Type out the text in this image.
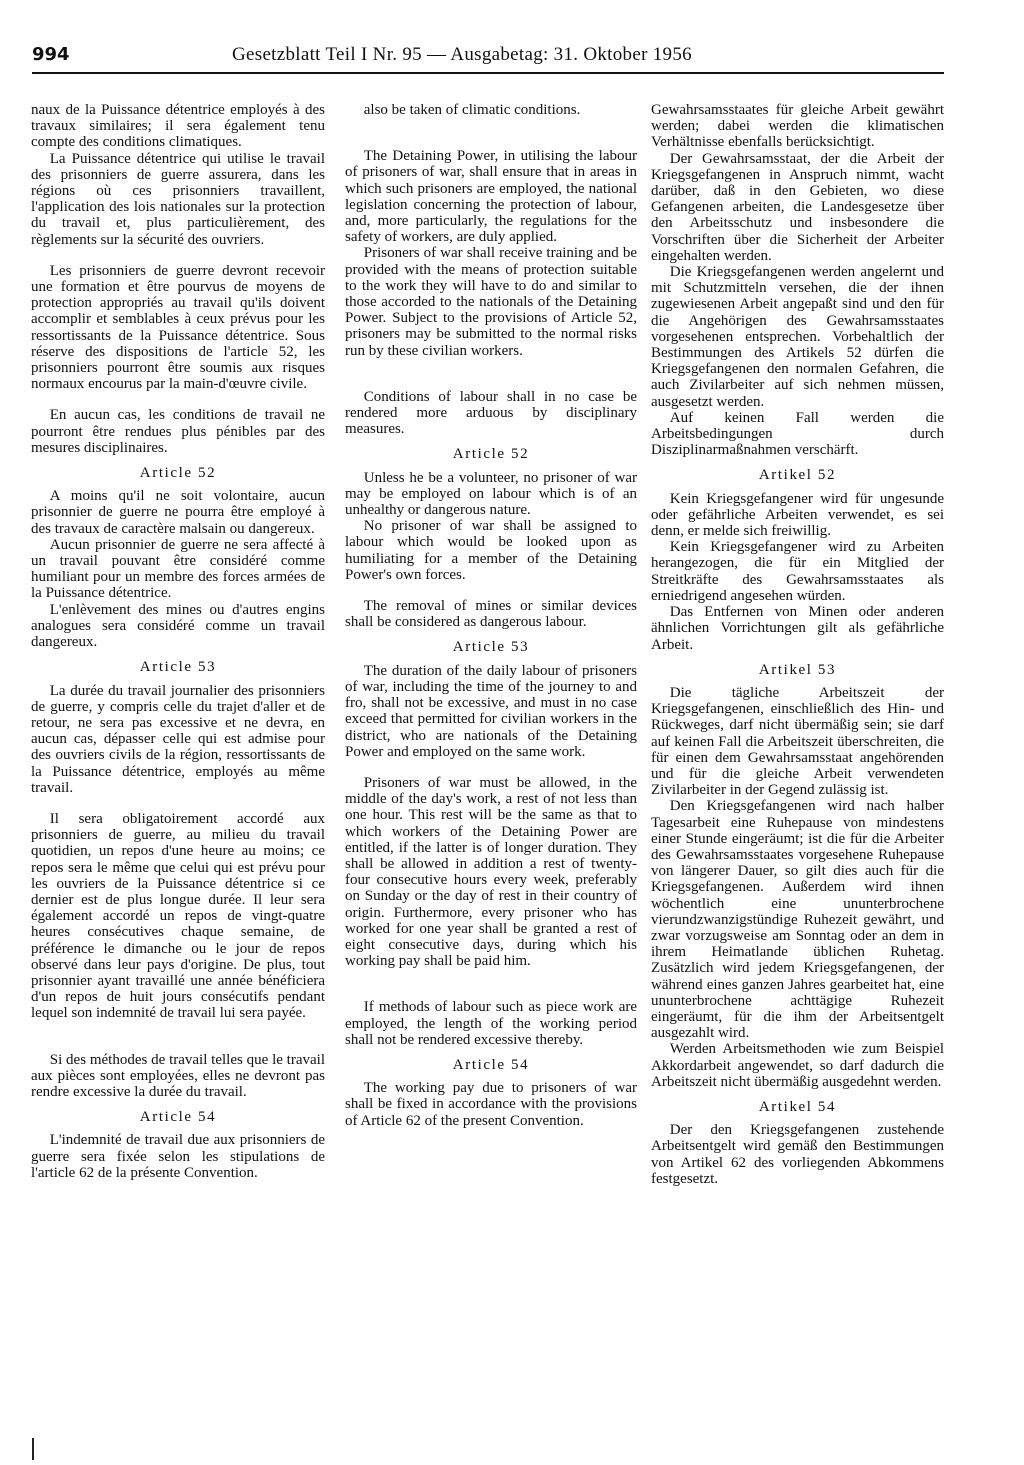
994	Gesetzblatt Teil I Nr. 95 — Ausgabetag: 31. Oktober 1956

naux de la Puissance détentrice employés à des travaux similaires; il sera également tenu compte des conditions climatiques.

La Puissance détentrice qui utilise le travail des prisonniers de guerre assurera, dans les régions où ces prisonniers travaillent, l'application des lois nationales sur la protection du travail et, plus particulièrement, des règlements sur la sécurité des ouvriers.

Les prisonniers de guerre devront recevoir une formation et être pourvus de moyens de protection appropriés au travail qu'ils doivent accomplir et semblables à ceux prévus pour les ressortissants de la Puissance détentrice. Sous réserve des dispositions de l'article 52, les prisonniers pourront être soumis aux risques normaux encourus par la main-d'œuvre civile.

En aucun cas, les conditions de travail ne pourront être rendues plus pénibles par des mesures disciplinaires.

Article 52

A moins qu'il ne soit volontaire, aucun prisonnier de guerre ne pourra être employé à des travaux de caractère malsain ou dangereux.

Aucun prisonnier de guerre ne sera affecté à un travail pouvant être considéré comme humiliant pour un membre des forces armées de la Puissance détentrice.

L'enlèvement des mines ou d'autres engins analogues sera considéré comme un travail dangereux.

Article 53

La durée du travail journalier des prisonniers de guerre, y compris celle du trajet d'aller et de retour, ne sera pas excessive et ne devra, en aucun cas, dépasser celle qui est admise pour des ouvriers civils de la région, ressortissants de la Puissance détentrice, employés au même travail.

Il sera obligatoirement accordé aux prisonniers de guerre, au milieu du travail quotidien, un repos d'une heure au moins; ce repos sera le même que celui qui est prévu pour les ouvriers de la Puissance détentrice si ce dernier est de plus longue durée. Il leur sera également accordé un repos de vingt-quatre heures consécutives chaque semaine, de préférence le dimanche ou le jour de repos observé dans leur pays d'origine. De plus, tout prisonnier ayant travaillé une année bénéficiera d'un repos de huit jours consécutifs pendant lequel son indemnité de travail lui sera payée.

Si des méthodes de travail telles que le travail aux pièces sont employées, elles ne devront pas rendre excessive la durée du travail.

Article 54

L'indemnité de travail due aux prisonniers de guerre sera fixée selon les stipulations de l'article 62 de la présente Convention.

also be taken of climatic conditions.

The Detaining Power, in utilising the labour of prisoners of war, shall ensure that in areas in which such prisoners are employed, the national legislation concerning the protection of labour, and, more particularly, the regulations for the safety of workers, are duly applied.

Prisoners of war shall receive training and be provided with the means of protection suitable to the work they will have to do and similar to those accorded to the nationals of the Detaining Power. Subject to the provisions of Article 52, prisoners may be submitted to the normal risks run by these civilian workers.

Conditions of labour shall in no case be rendered more arduous by disciplinary measures.

Article 52

Unless he be a volunteer, no prisoner of war may be employed on labour which is of an unhealthy or dangerous nature.

No prisoner of war shall be assigned to labour which would be looked upon as humiliating for a member of the Detaining Power's own forces.

The removal of mines or similar devices shall be considered as dangerous labour.

Article 53

The duration of the daily labour of prisoners of war, including the time of the journey to and fro, shall not be excessive, and must in no case exceed that permitted for civilian workers in the district, who are nationals of the Detaining Power and employed on the same work.

Prisoners of war must be allowed, in the middle of the day's work, a rest of not less than one hour. This rest will be the same as that to which workers of the Detaining Power are entitled, if the latter is of longer duration. They shall be allowed in addition a rest of twenty-four consecutive hours every week, preferably on Sunday or the day of rest in their country of origin. Furthermore, every prisoner who has worked for one year shall be granted a rest of eight consecutive days, during which his working pay shall be paid him.

If methods of labour such as piece work are employed, the length of the working period shall not be rendered excessive thereby.

Article 54

The working pay due to prisoners of war shall be fixed in accordance with the provisions of Article 62 of the present Convention.

Gewahrsamsstaates für gleiche Arbeit gewährt werden; dabei werden die klimatischen Verhältnisse ebenfalls berücksichtigt.

Der Gewahrsamsstaat, der die Arbeit der Kriegsgefangenen in Anspruch nimmt, wacht darüber, daß in den Gebieten, wo diese Gefangenen arbeiten, die Landesgesetze über den Arbeitsschutz und insbesondere die Vorschriften über die Sicherheit der Arbeiter eingehalten werden.

Die Kriegsgefangenen werden angelernt und mit Schutzmitteln versehen, die der ihnen zugewiesenen Arbeit angepaßt sind und den für die Angehörigen des Gewahrsamsstaates vorgesehenen entsprechen. Vorbehaltlich der Bestimmungen des Artikels 52 dürfen die Kriegsgefangenen den normalen Gefahren, die auch Zivilarbeiter auf sich nehmen müssen, ausgesetzt werden.

Auf keinen Fall werden die Arbeitsbedingungen durch Disziplinarmaßnahmen verschärft.

Artikel 52

Kein Kriegsgefangener wird für ungesunde oder gefährliche Arbeiten verwendet, es sei denn, er melde sich freiwillig.

Kein Kriegsgefangener wird zu Arbeiten herangezogen, die für ein Mitglied der Streitkräfte des Gewahrsamsstaates als erniedrigend angesehen würden.

Das Entfernen von Minen oder anderen ähnlichen Vorrichtungen gilt als gefährliche Arbeit.

Artikel 53

Die tägliche Arbeitszeit der Kriegsgefangenen, einschließlich des Hin- und Rückweges, darf nicht übermäßig sein; sie darf auf keinen Fall die Arbeitszeit überschreiten, die für einen dem Gewahrsamsstaat angehörenden und für die gleiche Arbeit verwendeten Zivilarbeiter in der Gegend zulässig ist.

Den Kriegsgefangenen wird nach halber Tagesarbeit eine Ruhepause von mindestens einer Stunde eingeräumt; ist die für die Arbeiter des Gewahrsamsstaates vorgesehene Ruhepause von längerer Dauer, so gilt dies auch für die Kriegsgefangenen. Außerdem wird ihnen wöchentlich eine ununterbrochene vierundzwanzigstündige Ruhezeit gewährt, und zwar vorzugsweise am Sonntag oder an dem in ihrem Heimatlande üblichen Ruhetag. Zusätzlich wird jedem Kriegsgefangenen, der während eines ganzen Jahres gearbeitet hat, eine ununterbrochene achttägige Ruhezeit eingeräumt, für die ihm der Arbeitsentgelt ausgezahlt wird.

Werden Arbeitsmethoden wie zum Beispiel Akkordarbeit angewendet, so darf dadurch die Arbeitszeit nicht übermäßig ausgedehnt werden.

Artikel 54

Der den Kriegsgefangenen zustehende Arbeitsentgelt wird gemäß den Bestimmungen von Artikel 62 des vorliegenden Abkommens festgesetzt.
